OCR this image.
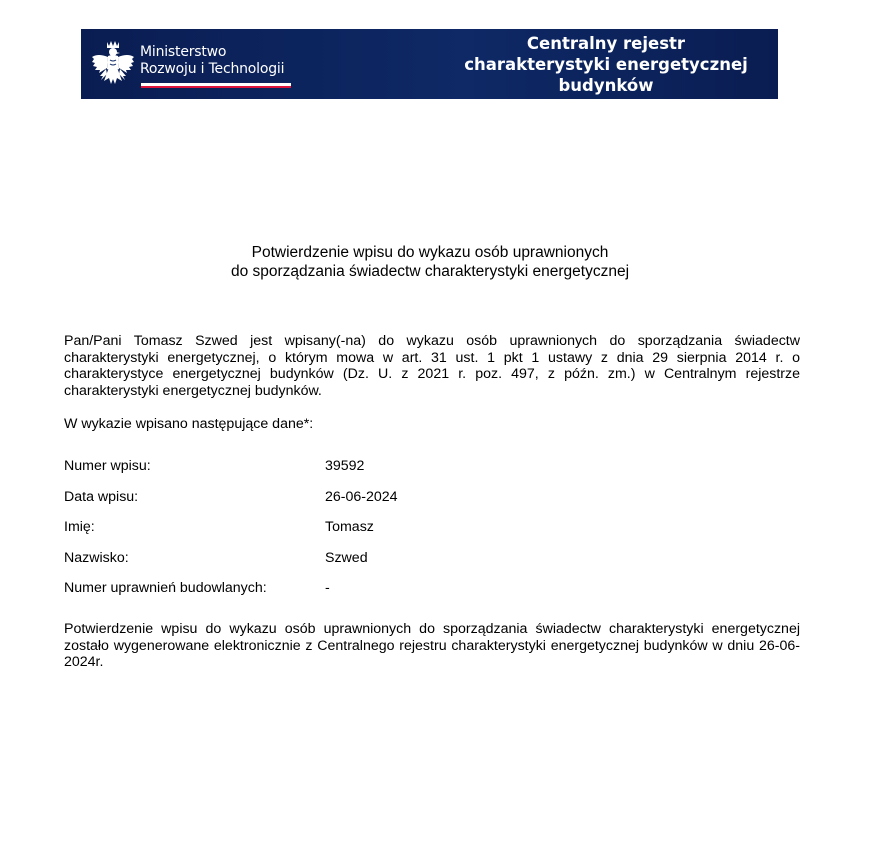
Ministerstwo
Rozwoju i Technologii
Centralny rejestr
charakterystyki energetycznej
budynków
Potwierdzenie wpisu do wykazu osób uprawnionych
do sporządzania świadectw charakterystyki energetycznej
Pan/Pani Tomasz Szwed jest wpisany(-na) do wykazu osób uprawnionych do sporządzania świadectw charakterystyki energetycznej, o którym mowa w art. 31 ust. 1 pkt 1 ustawy z dnia 29 sierpnia 2014 r. o charakterystyce energetycznej budynków (Dz. U. z 2021 r. poz. 497, z późn. zm.) w Centralnym rejestrze charakterystyki energetycznej budynków.
W wykazie wpisano następujące dane*:
Numer wpisu:	39592
Data wpisu:	26-06-2024
Imię:	Tomasz
Nazwisko:	Szwed
Numer uprawnień budowlanych:	-
Potwierdzenie wpisu do wykazu osób uprawnionych do sporządzania świadectw charakterystyki energetycznej zostało wygenerowane elektronicznie z Centralnego rejestru charakterystyki energetycznej budynków w dniu 26-06-2024r.
